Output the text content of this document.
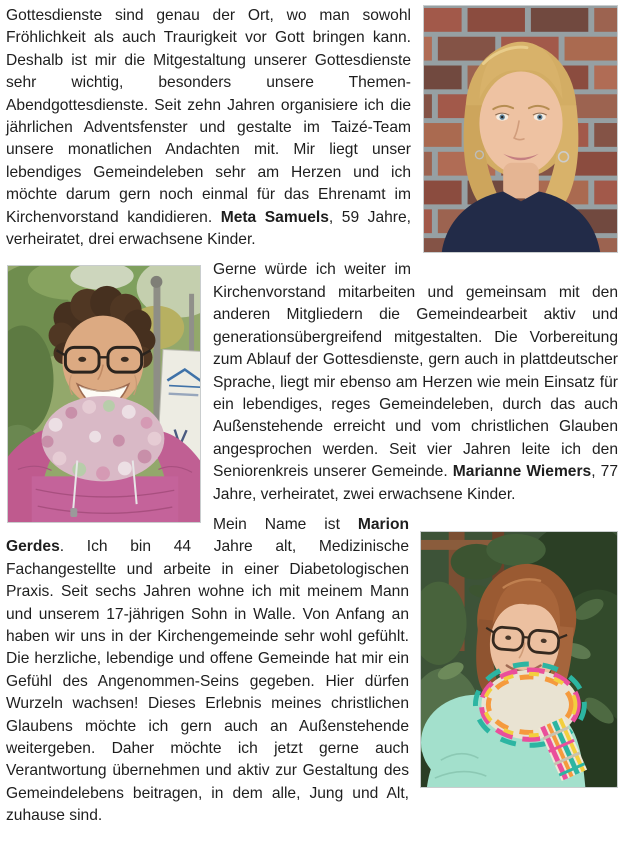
Gottesdienste sind genau der Ort, wo man sowohl Fröhlichkeit als auch Traurigkeit vor Gott bringen kann. Deshalb ist mir die Mitgestaltung unserer Gottesdienste sehr wichtig, besonders unsere Themen-Abendgottesdienste. Seit zehn Jahren organisiere ich die jährlichen Adventsfenster und gestalte im Taizé-Team unsere monatlichen Andachten mit. Mir liegt unser lebendiges Gemeindeleben sehr am Herzen und ich möchte darum gern noch einmal für das Ehrenamt im Kirchenvorstand kandidieren. Meta Samuels, 59 Jahre, verheiratet, drei erwachsene Kinder.

Gerne würde ich weiter im Kirchenvorstand mitarbeiten und gemeinsam mit den anderen Mitgliedern die Gemeindearbeit aktiv und generationsübergreifend mitgestalten. Die Vorbereitung zum Ablauf der Gottesdienste, gern auch in plattdeutscher Sprache, liegt mir ebenso am Herzen wie mein Einsatz für ein lebendiges, reges Gemeindeleben, durch das auch Außenstehende erreicht und vom christlichen Glauben angesprochen werden. Seit vier Jahren leite ich den Seniorenkreis unserer Gemeinde. Marianne Wiemers, 77 Jahre, verheiratet, zwei erwachsene Kinder.

Mein Name ist Marion Gerdes. Ich bin 44 Jahre alt, Medizinische Fachangestellte und arbeite in einer Diabetologischen Praxis. Seit sechs Jahren wohne ich mit meinem Mann und unserem 17-jährigen Sohn in Walle. Von Anfang an haben wir uns in der Kirchengemeinde sehr wohl gefühlt. Die herzliche, lebendige und offene Gemeinde hat mir ein Gefühl des Angenommen-Seins gegeben. Hier dürfen Wurzeln wachsen! Dieses Erlebnis meines christlichen Glaubens möchte ich gern auch an Außenstehende weitergeben. Daher möchte ich jetzt gerne auch Verantwortung übernehmen und aktiv zur Gestaltung des Gemeindelebens beitragen, in dem alle, Jung und Alt, zuhause sind.
